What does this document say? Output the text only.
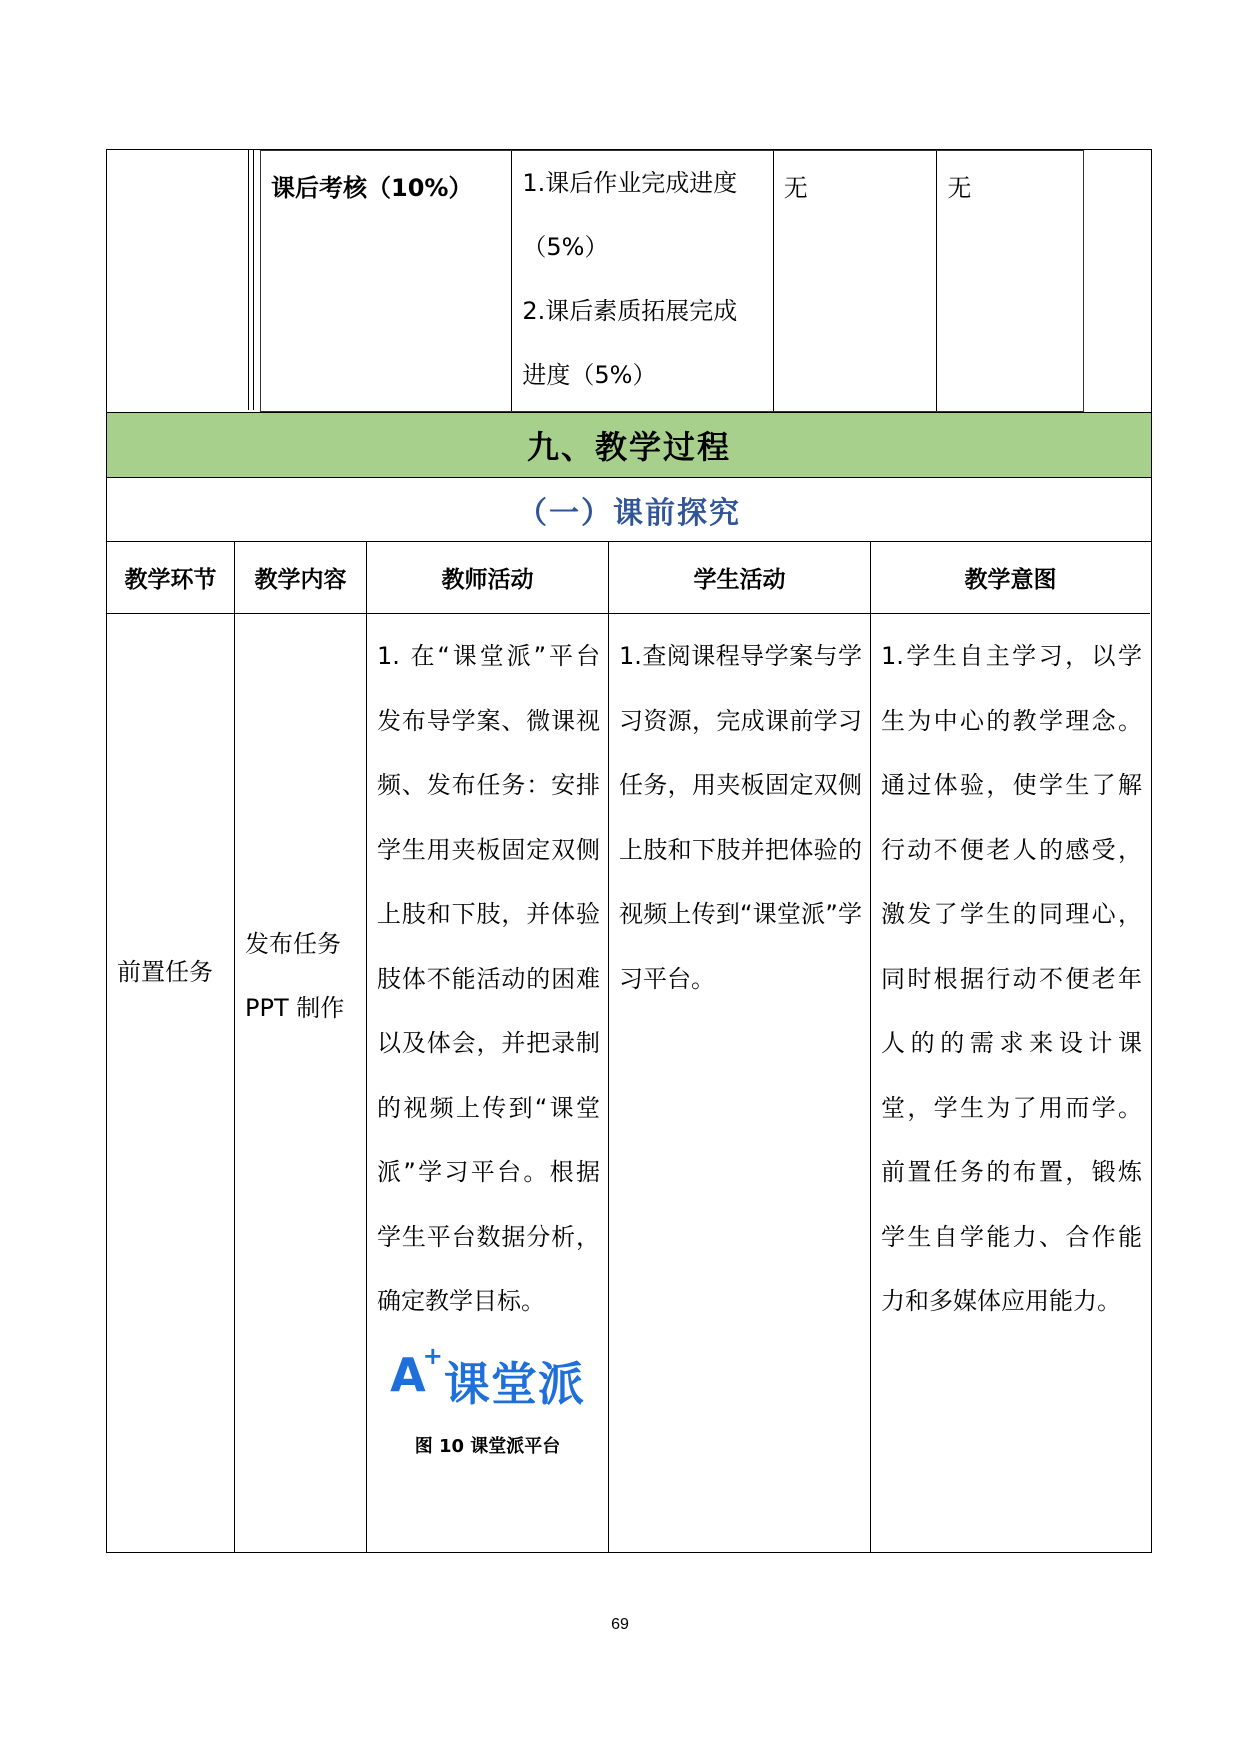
课后考核（10%）	1.课后作业完成进度
（5%）
2.课后素质拓展完成
进度（5%）
无	无
九、教学过程
（一）课前探究
教学环节
前置任务
教学内容
发布任务
PPT 制作
教师活动
1. 在“课堂派”平台发布导学案、微课视频、发布任务：安排学生用夹板固定双侧上肢和下肢，并体验肢体不能活动的困难以及体会，并把录制的视频上传到“课堂派”学习平台。根据学生平台数据分析，确定教学目标。
A
+
课堂派
图 10 课堂派平台
学生活动
1.查阅课程导学案与学习资源，完成课前学习任务，用夹板固定双侧上肢和下肢并把体验的视频上传到“课堂派”学习平台。
教学意图
1.学生自主学习，以学生为中心的教学理念。通过体验，使学生了解行动不便老人的感受，激发了学生的同理心，同时根据行动不便老年人的的需求来设计课堂，学生为了用而学。前置任务的布置，锻炼学生自学能力、合作能力和多媒体应用能力。
69
